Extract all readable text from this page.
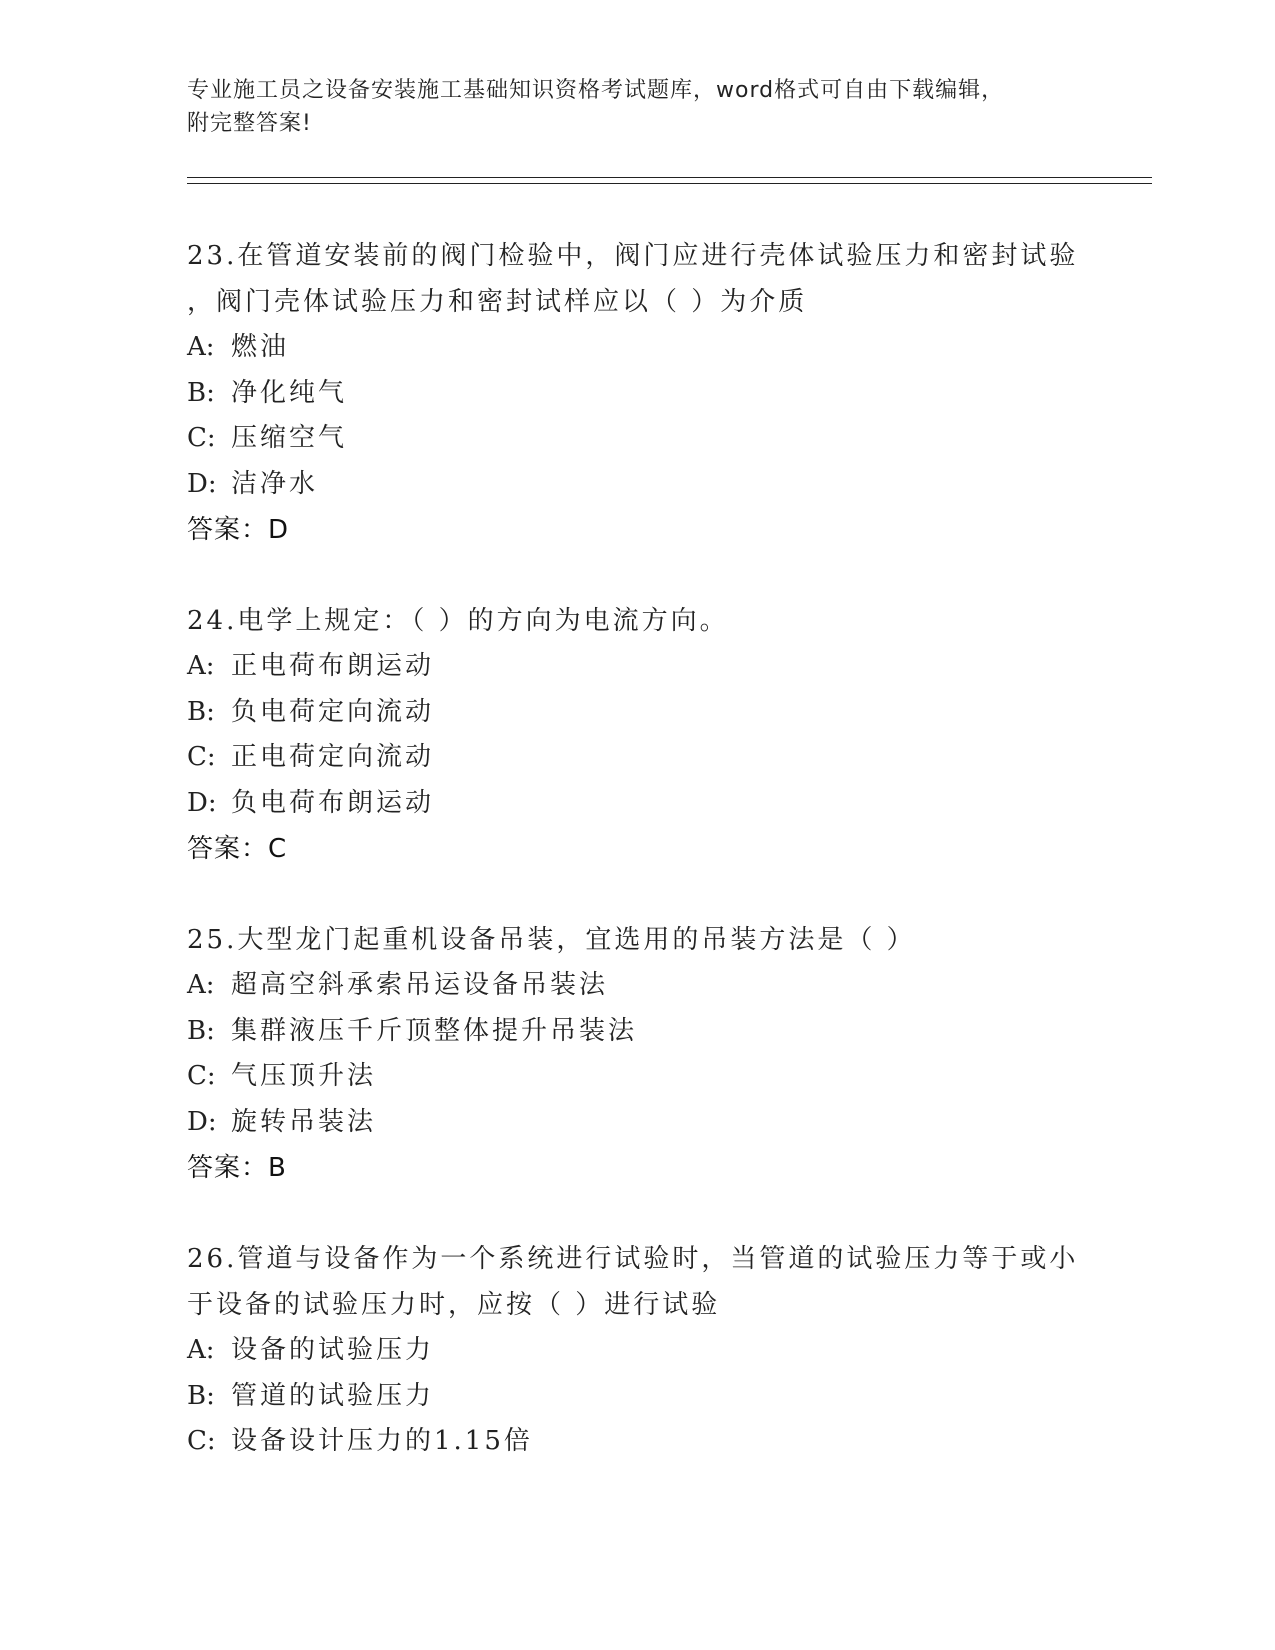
专业施工员之设备安装施工基础知识资格考试题库，word格式可自由下载编辑，
附完整答案!

23.在管道安装前的阀门检验中，阀门应进行壳体试验压力和密封试验

，阀门壳体试验压力和密封试样应以（ ）为介质

A: 燃油

B: 净化纯气

C: 压缩空气

D: 洁净水

答案：D

24.电学上规定：（ ）的方向为电流方向。

A: 正电荷布朗运动

B: 负电荷定向流动

C: 正电荷定向流动

D: 负电荷布朗运动

答案：C

25.大型龙门起重机设备吊装，宜选用的吊装方法是（ ）

A: 超高空斜承索吊运设备吊装法

B: 集群液压千斤顶整体提升吊装法

C: 气压顶升法

D: 旋转吊装法

答案：B

26.管道与设备作为一个系统进行试验时，当管道的试验压力等于或小

于设备的试验压力时，应按（ ）进行试验

A: 设备的试验压力

B: 管道的试验压力

C: 设备设计压力的1.15倍
